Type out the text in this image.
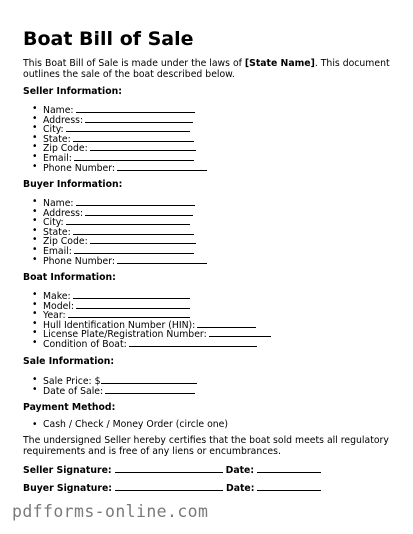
Boat Bill of Sale
This Boat Bill of Sale is made under the laws of [State Name]. This document outlines the sale of the boat described below.
Seller Information:
• Name:
• Address:
• City:
• State:
• Zip Code:
• Email:
• Phone Number:
Buyer Information:
• Name:
• Address:
• City:
• State:
• Zip Code:
• Email:
• Phone Number:
Boat Information:
• Make:
• Model:
• Year:
• Hull Identification Number (HIN):
• License Plate/Registration Number:
• Condition of Boat:
Sale Information:
• Sale Price: $
• Date of Sale:
Payment Method:
• Cash / Check / Money Order (circle one)
The undersigned Seller hereby certifies that the boat sold meets all regulatory requirements and is free of any liens or encumbrances.
Seller Signature:	Date:
Buyer Signature:	Date:
pdfforms-online.com
